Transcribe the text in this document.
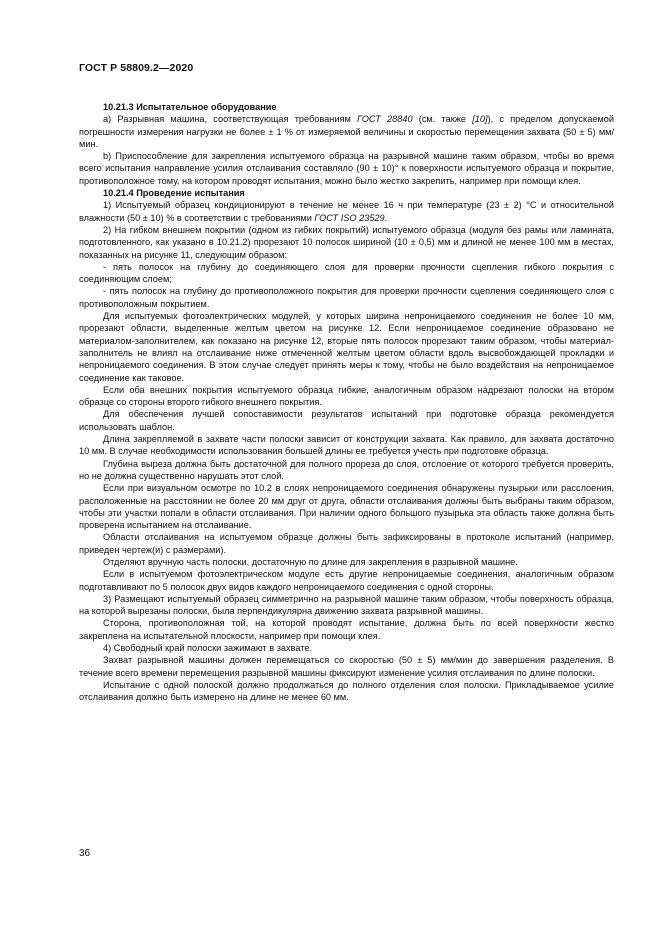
ГОСТ Р 58809.2—2020

10.21.3 Испытательное оборудование

а) Разрывная машина, соответствующая требованиям ГОСТ 28840 (см. также [10]), с пределом допускаемой погрешности измерения нагрузки не более ± 1 % от измеряемой величины и скоростью перемещения захвата (50 ± 5) мм/мин.

b) Приспособление для закрепления испытуемого образца на разрывной машине таким образом, чтобы во время всего испытания направление усилия отслаивания составляло (90 ± 10)° к поверхности испытуемого образца и покрытие, противоположное тому, на котором проводят испытания, можно было жестко закрепить, например при помощи клея.

10.21.4 Проведение испытания

1) Испытуемый образец кондиционируют в течение не менее 16 ч при температуре (23 ± 2) °С и относительной влажности (50 ± 10) % в соответствии с требованиями ГОСТ ISO 23529.

2) На гибком внешнем покрытии (одном из гибких покрытий) испытуемого образца (модуля без рамы или ламината, подготовленного, как указано в 10.21.2) прорезают 10 полосок шириной (10 ± 0,5) мм и длиной не менее 100 мм в местах, показанных на рисунке 11, следующим образом:

- пять полосок на глубину до соединяющего слоя для проверки прочности сцепления гибкого покрытия с соединяющим слоем;

- пять полосок на глубину до противоположного покрытия для проверки прочности сцепления соединяющего слоя с противоположным покрытием.

Для испытуемых фотоэлектрических модулей, у которых ширина непроницаемого соединения не более 10 мм, прорезают области, выделенные желтым цветом на рисунке 12. Если непроницаемое соединение образовано не материалом-заполнителем, как показано на рисунке 12, вторые пять полосок прорезают таким образом, чтобы материал-заполнитель не влиял на отслаивание ниже отмеченной желтым цветом области вдоль высвобождающей прокладки и непроницаемого соединения. В этом случае следует принять меры к тому, чтобы не было воздействия на непроницаемое соединение как таковое.

Если оба внешних покрытия испытуемого образца гибкие, аналогичным образом надрезают полоски на втором образце со стороны второго гибкого внешнего покрытия.

Для обеспечения лучшей сопоставимости результатов испытаний при подготовке образца рекомендуется использовать шаблон.

Длина закрепляемой в захвате части полоски зависит от конструкции захвата. Как правило, для захвата достаточно 10 мм. В случае необходимости использования большей длины ее требуется учесть при подготовке образца.

Глубина выреза должна быть достаточной для полного прореза до слоя, отслоение от которого требуется проверить, но не должна существенно нарушать этот слой.

Если при визуальном осмотре по 10.2 в слоях непроницаемого соединения обнаружены пузырьки или расслоения, расположенные на расстоянии не более 20 мм друг от друга, области отслаивания должны быть выбраны таким образом, чтобы эти участки попали в области отслаивания. При наличии одного большого пузырька эта область также должна быть проверена испытанием на отслаивание.

Области отслаивания на испытуемом образце должны быть зафиксированы в протоколе испытаний (например, приведен чертеж(и) с размерами).

Отделяют вручную часть полоски, достаточную по длине для закрепления в разрывной машине.

Если в испытуемом фотоэлектрическом модуле есть другие непроницаемые соединения, аналогичным образом подготавливают по 5 полосок двух видов каждого непроницаемого соединения с одной стороны.

3) Размещают испытуемый образец симметрично на разрывной машине таким образом, чтобы поверхность образца, на которой вырезаны полоски, была перпендикулярна движению захвата разрывной машины.

Сторона, противоположная той, на которой проводят испытание, должна быть по всей поверхности жестко закреплена на испытательной плоскости, например при помощи клея.

4) Свободный край полоски зажимают в захвате.

Захват разрывной машины должен перемещаться со скоростью (50 ± 5) мм/мин до завершения разделения. В течение всего времени перемещения разрывной машины фиксируют изменение усилия отслаивания по длине полоски.

Испытание с одной полоской должно продолжаться до полного отделения слоя полоски. Прикладываемое усилие отслаивания должно быть измерено на длине не менее 60 мм.

36
